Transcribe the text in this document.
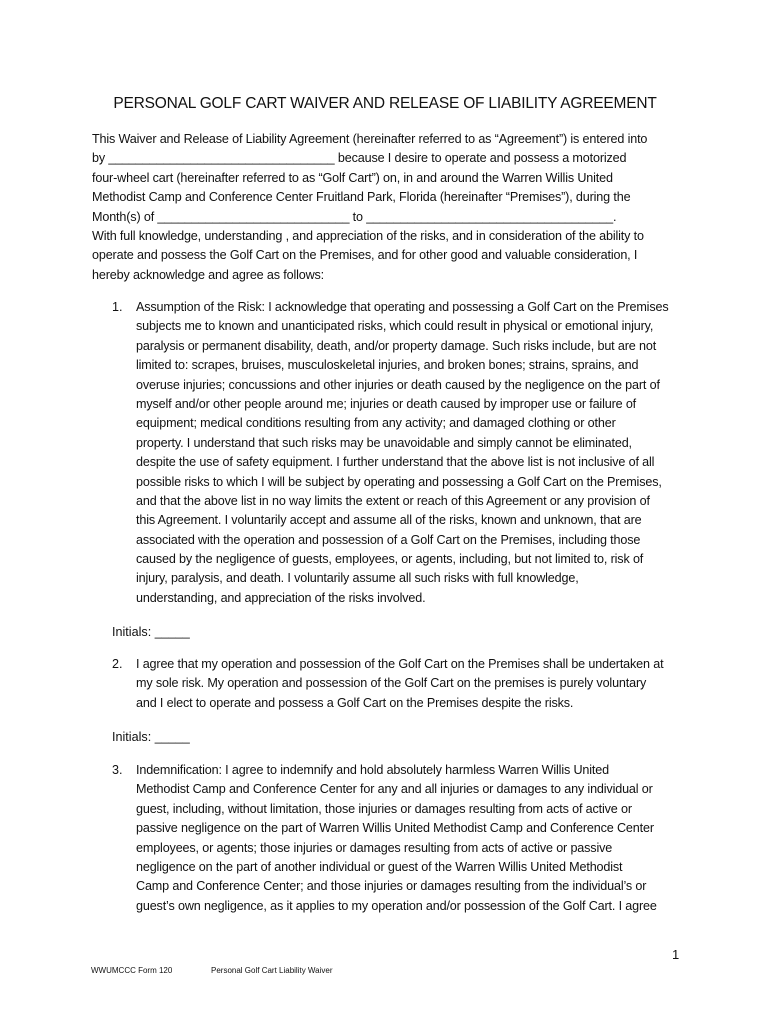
PERSONAL GOLF CART WAIVER AND RELEASE OF LIABILITY AGREEMENT
This Waiver and Release of Liability Agreement (hereinafter referred to as “Agreement”) is entered into
by _________________________________ because I desire to operate and possess a motorized
four-wheel cart (hereinafter referred to as “Golf Cart”) on, in and around the Warren Willis United
Methodist Camp and Conference Center Fruitland Park, Florida (hereinafter “Premises”), during the
Month(s) of ____________________________ to ____________________________________.
With full knowledge, understanding , and appreciation of the risks, and in consideration of the ability to
operate and possess the Golf Cart on the Premises, and for other good and valuable consideration, I
hereby acknowledge and agree as follows:
1. Assumption of the Risk: I acknowledge that operating and possessing a Golf Cart on the Premises
subjects me to known and unanticipated risks, which could result in physical or emotional injury,
paralysis or permanent disability, death, and/or property damage. Such risks include, but are not
limited to: scrapes, bruises, musculoskeletal injuries, and broken bones; strains, sprains, and
overuse injuries; concussions and other injuries or death caused by the negligence on the part of
myself and/or other people around me; injuries or death caused by improper use or failure of
equipment; medical conditions resulting from any activity; and damaged clothing or other
property. I understand that such risks may be unavoidable and simply cannot be eliminated,
despite the use of safety equipment. I further understand that the above list is not inclusive of all
possible risks to which I will be subject by operating and possessing a Golf Cart on the Premises,
and that the above list in no way limits the extent or reach of this Agreement or any provision of
this Agreement. I voluntarily accept and assume all of the risks, known and unknown, that are
associated with the operation and possession of a Golf Cart on the Premises, including those
caused by the negligence of guests, employees, or agents, including, but not limited to, risk of
injury, paralysis, and death. I voluntarily assume all such risks with full knowledge,
understanding, and appreciation of the risks involved.
Initials: _____
2. I agree that my operation and possession of the Golf Cart on the Premises shall be undertaken at
my sole risk. My operation and possession of the Golf Cart on the premises is purely voluntary
and I elect to operate and possess a Golf Cart on the Premises despite the risks.
Initials: _____
3. Indemnification: I agree to indemnify and hold absolutely harmless Warren Willis United
Methodist Camp and Conference Center for any and all injuries or damages to any individual or
guest, including, without limitation, those injuries or damages resulting from acts of active or
passive negligence on the part of Warren Willis United Methodist Camp and Conference Center
employees, or agents; those injuries or damages resulting from acts of active or passive
negligence on the part of another individual or guest of the Warren Willis United Methodist
Camp and Conference Center; and those injuries or damages resulting from the individual’s or
guest’s own negligence, as it applies to my operation and/or possession of the Golf Cart. I agree
1
WWUMCCC Form 120	Personal Golf Cart Liability Waiver
